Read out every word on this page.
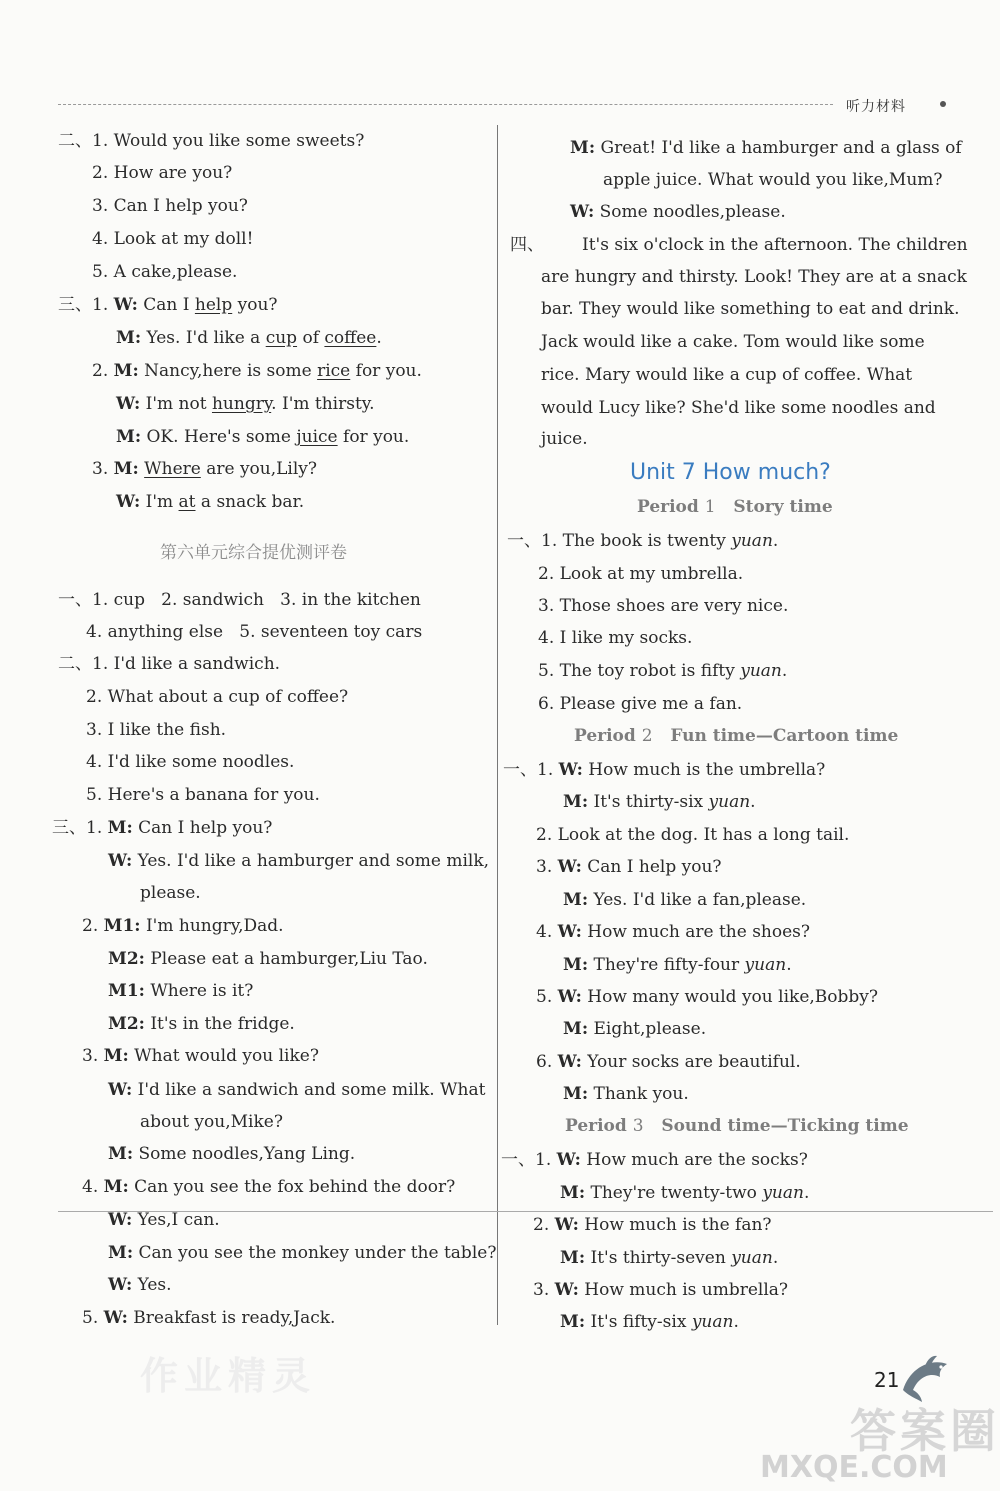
听力材料
二、1. Would you like some sweets?
2. How are you?
3. Can I help you?
4. Look at my doll!
5. A cake,please.
三、1. W: Can I help you?
M: Yes. I'd like a cup of coffee.
2. M: Nancy,here is some rice for you.
W: I'm not hungry. I'm thirsty.
M: OK. Here's some juice for you.
3. M: Where are you,Lily?
W: I'm at a snack bar.
第六单元综合提优测评卷
一、1. cup   2. sandwich   3. in the kitchen
4. anything else   5. seventeen toy cars
二、1. I'd like a sandwich.
2. What about a cup of coffee?
3. I like the fish.
4. I'd like some noodles.
5. Here's a banana for you.
三、1. M: Can I help you?
W: Yes. I'd like a hamburger and some milk,
please.
2. M1: I'm hungry,Dad.
M2: Please eat a hamburger,Liu Tao.
M1: Where is it?
M2: It's in the fridge.
3. M: What would you like?
W: I'd like a sandwich and some milk. What
about you,Mike?
M: Some noodles,Yang Ling.
4. M: Can you see the fox behind the door?
W: Yes,I can.
M: Can you see the monkey under the table?
W: Yes.
5. W: Breakfast is ready,Jack.
M: Great! I'd like a hamburger and a glass of
apple juice. What would you like,Mum?
W: Some noodles,please.
四、 It's six o'clock in the afternoon. The children
are hungry and thirsty. Look! They are at a snack
bar. They would like something to eat and drink.
Jack would like a cake. Tom would like some
rice. Mary would like a cup of coffee. What
would Lucy like? She'd like some noodles and
juice.
Unit 7 How much?
Period 1 Story time
一、1. The book is twenty yuan.
2. Look at my umbrella.
3. Those shoes are very nice.
4. I like my socks.
5. The toy robot is fifty yuan.
6. Please give me a fan.
Period 2 Fun time—Cartoon time
一、1. W: How much is the umbrella?
M: It's thirty-six yuan.
2. Look at the dog. It has a long tail.
3. W: Can I help you?
M: Yes. I'd like a fan,please.
4. W: How much are the shoes?
M: They're fifty-four yuan.
5. W: How many would you like,Bobby?
M: Eight,please.
6. W: Your socks are beautiful.
M: Thank you.
Period 3 Sound time—Ticking time
一、1. W: How much are the socks?
M: They're twenty-two yuan.
2. W: How much is the fan?
M: It's thirty-seven yuan.
3. W: How much is umbrella?
M: It's fifty-six yuan.
作业精灵	21
答案圈
MXQE.COM
